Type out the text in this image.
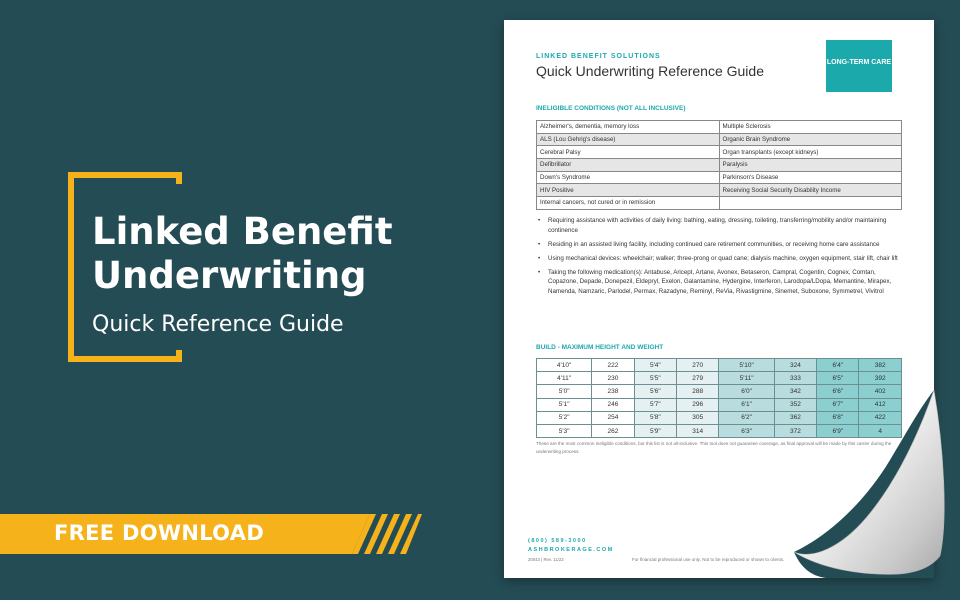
Linked Benefit Underwriting
Quick Reference Guide
FREE DOWNLOAD
LINKED BENEFIT SOLUTIONS
Quick Underwriting Reference Guide
LONG-TERM CARE
INELIGIBLE CONDITIONS (NOT ALL INCLUSIVE)
Alzheimer's, dementia, memory loss	Multiple Sclerosis
ALS (Lou Gehrig's disease)	Organic Brain Syndrome
Cerebral Palsy	Organ transplants (except kidneys)
Defibrillator	Paralysis
Down's Syndrome	Parkinson's Disease
HIV Positive	Receiving Social Security Disability Income
Internal cancers, not cured or in remission	
• Requiring assistance with activities of daily living: bathing, eating, dressing, toileting, transferring/mobility and/or maintaining continence
• Residing in an assisted living facility, including continued care retirement communities, or receiving home care assistance
• Using mechanical devices: wheelchair; walker; three-prong or quad cane; dialysis machine, oxygen equipment, stair lift, chair lift
• Taking the following medication(s): Antabuse, Aricept, Artane, Avonex, Betaseron, Campral, Cogentin, Cognex, Comtan, Copazone, Depade, Donepezil, Eldepryl, Exelon, Galantamine, Hydergine, Interferon, Larodopa/LDopa, Memantine, Mirapex, Namenda, Namzaric, Parlodel, Permax, Razadyne, Reminyl, ReVia, Rivastigmine, Sinemet, Suboxone, Symmetrel, Vivitrol
BUILD - MAXIMUM HEIGHT AND WEIGHT
4'10"	222	5'4"	270	5'10"	324	6'4"	382
4'11"	230	5'5"	279	5'11"	333	6'5"	392
5'0"	238	5'6"	288	6'0"	342	6'6"	402
5'1"	246	5'7"	296	6'1"	352	6'7"	412
5'2"	254	5'8"	305	6'2"	362	6'8"	422
5'3"	262	5'9"	314	6'3"	372	6'9"	4
These are the most common ineligible conditions, but this list is not all-inclusive. This tool does not guarantee coverage, as final approval will be made by this carrier during the underwriting process.
(800) 589-3000
ASHBROKERAGE.COM
20043 | Rev. 11/22	For financial professional use only. Not to be reproduced or shown to clients.
